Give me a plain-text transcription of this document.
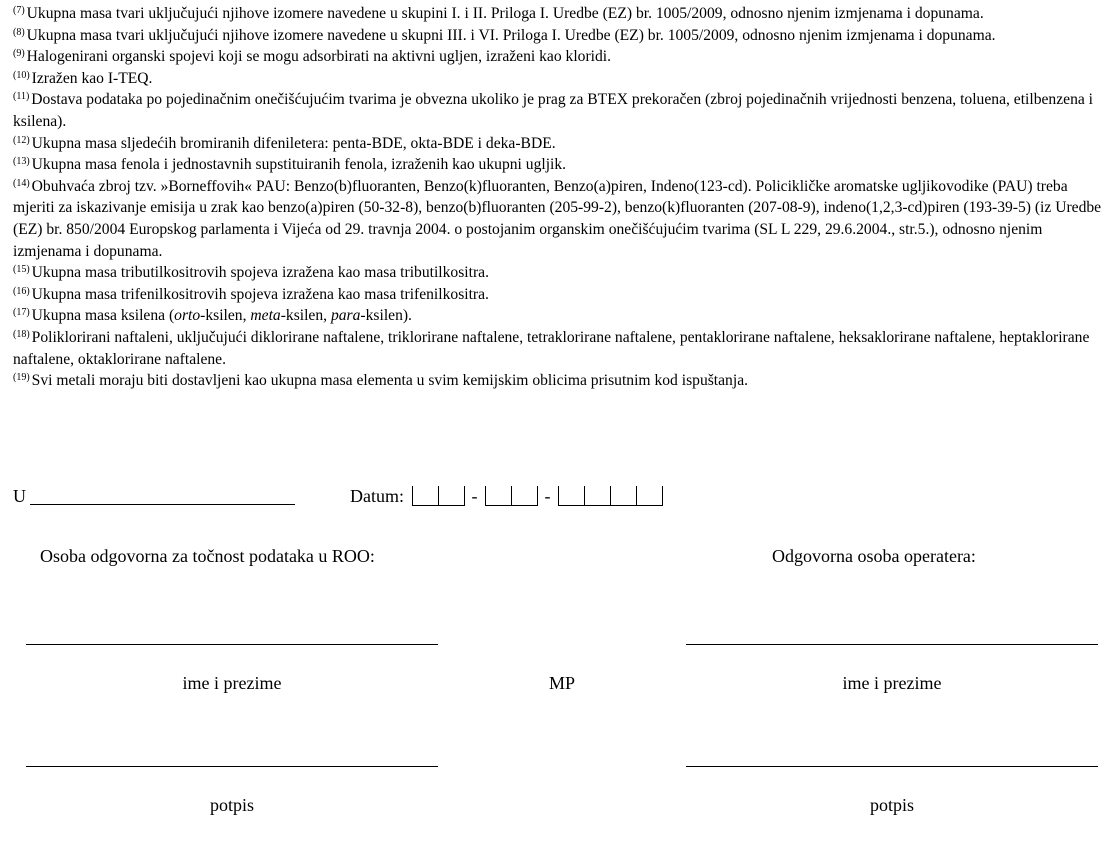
$^{(7)}$ Ukupna masa tvari uključujući njihove izomere navedene u skupini I. i II. Priloga I. Uredbe (EZ) br. 1005/2009, odnosno njenim izmjenama i dopunama.

$^{(8)}$ Ukupna masa tvari uključujući njihove izomere navedene u skupni III. i VI. Priloga I. Uredbe (EZ) br. 1005/2009, odnosno njenim izmjenama i dopunama.

$^{(9)}$ Halogenirani organski spojevi koji se mogu adsorbirati na aktivni ugljen, izraženi kao kloridi.

$^{(10)}$ Izražen kao I-TEQ.

$^{(11)}$ Dostava podataka po pojedinačnim onečišćujućim tvarima je obvezna ukoliko je prag za BTEX prekoračen (zbroj pojedinačnih vrijednosti benzena, toluena, etilbenzena i ksilena).

$^{(12)}$ Ukupna masa sljedećih bromiranih difeniletera: penta-BDE, okta-BDE i deka-BDE.

$^{(13)}$ Ukupna masa fenola i jednostavnih supstituiranih fenola, izraženih kao ukupni ugljik.

$^{(14)}$ Obuhvaća zbroj tzv. »Borneffovih« PAU: Benzo(b)fluoranten, Benzo(k)fluoranten, Benzo(a)piren, Indeno(123-cd). Policikličke aromatske ugljikovodike (PAU) treba mjeriti za iskazivanje emisija u zrak kao benzo(a)piren (50-32-8), benzo(b)fluoranten (205-99-2), benzo(k)fluoranten (207-08-9), indeno(1,2,3-cd)piren (193-39-5) (iz Uredbe (EZ) br. 850/2004 Europskog parlamenta i Vijeća od 29. travnja 2004. o postojanim organskim onečišćujućim tvarima (SL L 229, 29.6.2004., str.5.), odnosno njenim izmjenama i dopunama.

$^{(15)}$ Ukupna masa tributilkositrovih spojeva izražena kao masa tributilkositra.

$^{(16)}$ Ukupna masa trifenilkositrovih spojeva izražena kao masa trifenilkositra.

$^{(17)}$ Ukupna masa ksilena (orto-ksilen, meta-ksilen, para-ksilen).

$^{(18)}$ Poliklorirani naftaleni, uključujući diklorirane naftalene, triklorirane naftalene, tetraklorirane naftalene, pentaklorirane naftalene, heksaklorirane naftalene, heptaklorirane naftalene, oktaklorirane naftalene.

$^{(19)}$ Svi metali moraju biti dostavljeni kao ukupna masa elementa u svim kemijskim oblicima prisutnim kod ispuštanja.

U	Datum:	-	-
Osoba odgovorna za točnost podataka u ROO:	Odgovorna osoba operatera:
ime i prezime	MP	ime i prezime
potpis	potpis
